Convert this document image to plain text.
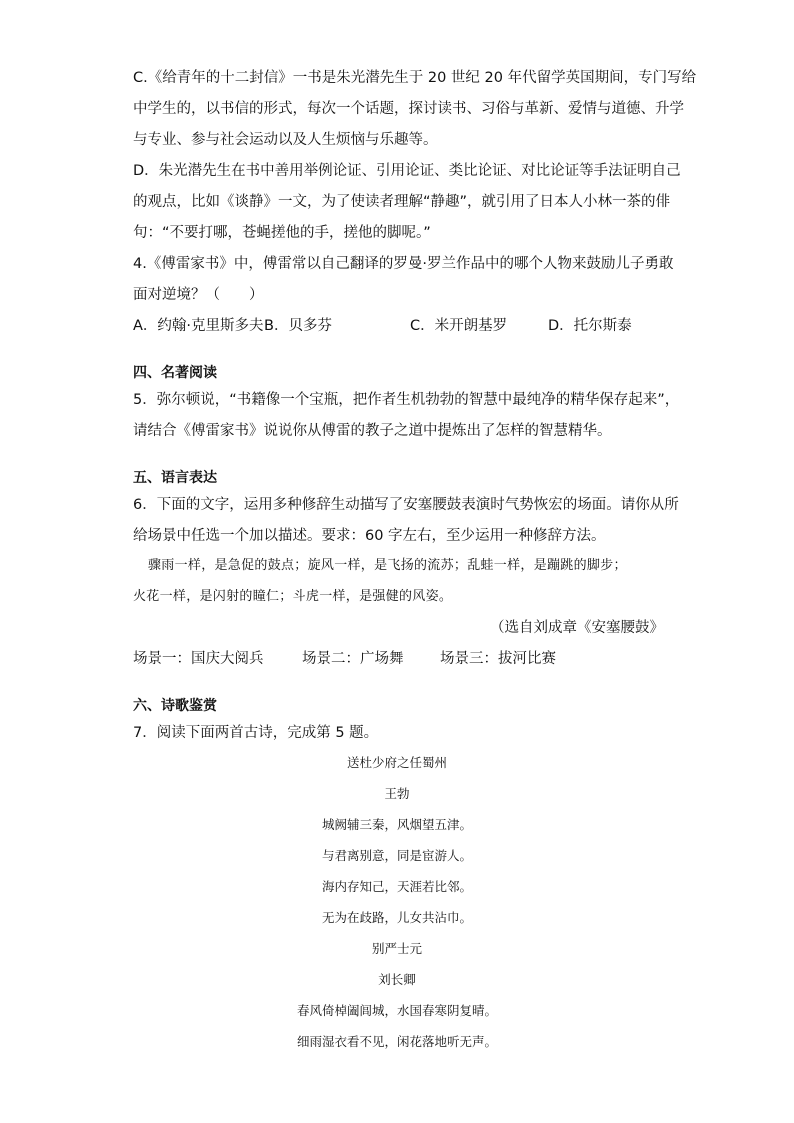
C.《给青年的十二封信》一书是朱光潜先生于 20 世纪 20 年代留学英国期间，专门写给
中学生的，以书信的形式，每次一个话题，探讨读书、习俗与革新、爱情与道德、升学
与专业、参与社会运动以及人生烦恼与乐趣等。
D．朱光潜先生在书中善用举例论证、引用论证、类比论证、对比论证等手法证明自己
的观点，比如《谈静》一文，为了使读者理解“静趣”，就引用了日本人小林一茶的俳
句：“不要打哪，苍蝇搓他的手，搓他的脚呢。”
4.《傅雷家书》中，傅雷常以自己翻译的罗曼·罗兰作品中的哪个人物来鼓励儿子勇敢
面对逆境？（　　）
A．约翰·克里斯多夫 B．贝多芬	C．米开朗基罗	D．托尔斯泰
四、名著阅读
5．弥尔顿说，“书籍像一个宝瓶，把作者生机勃勃的智慧中最纯净的精华保存起来”，
请结合《傅雷家书》说说你从傅雷的教子之道中提炼出了怎样的智慧精华。
五、语言表达
6．下面的文字，运用多种修辞生动描写了安塞腰鼓表演时气势恢宏的场面。请你从所
给场景中任选一个加以描述。要求：60 字左右，至少运用一种修辞方法。
骤雨一样，是急促的鼓点；旋风一样，是飞扬的流苏；乱蛙一样，是蹦跳的脚步；
火花一样，是闪射的瞳仁；斗虎一样，是强健的风姿。
（选自刘成章《安塞腰鼓》
场景一：国庆大阅兵	场景二：广场舞	场景三：拔河比赛
六、诗歌鉴赏
7．阅读下面两首古诗，完成第 5 题。
送杜少府之任蜀州
王勃
城阙辅三秦，风烟望五津。
与君离别意，同是宦游人。
海内存知己，天涯若比邻。
无为在歧路，儿女共沾巾。
别严士元
刘长卿
春风倚棹阖闾城，水国春寒阴复晴。
细雨湿衣看不见，闲花落地听无声。
